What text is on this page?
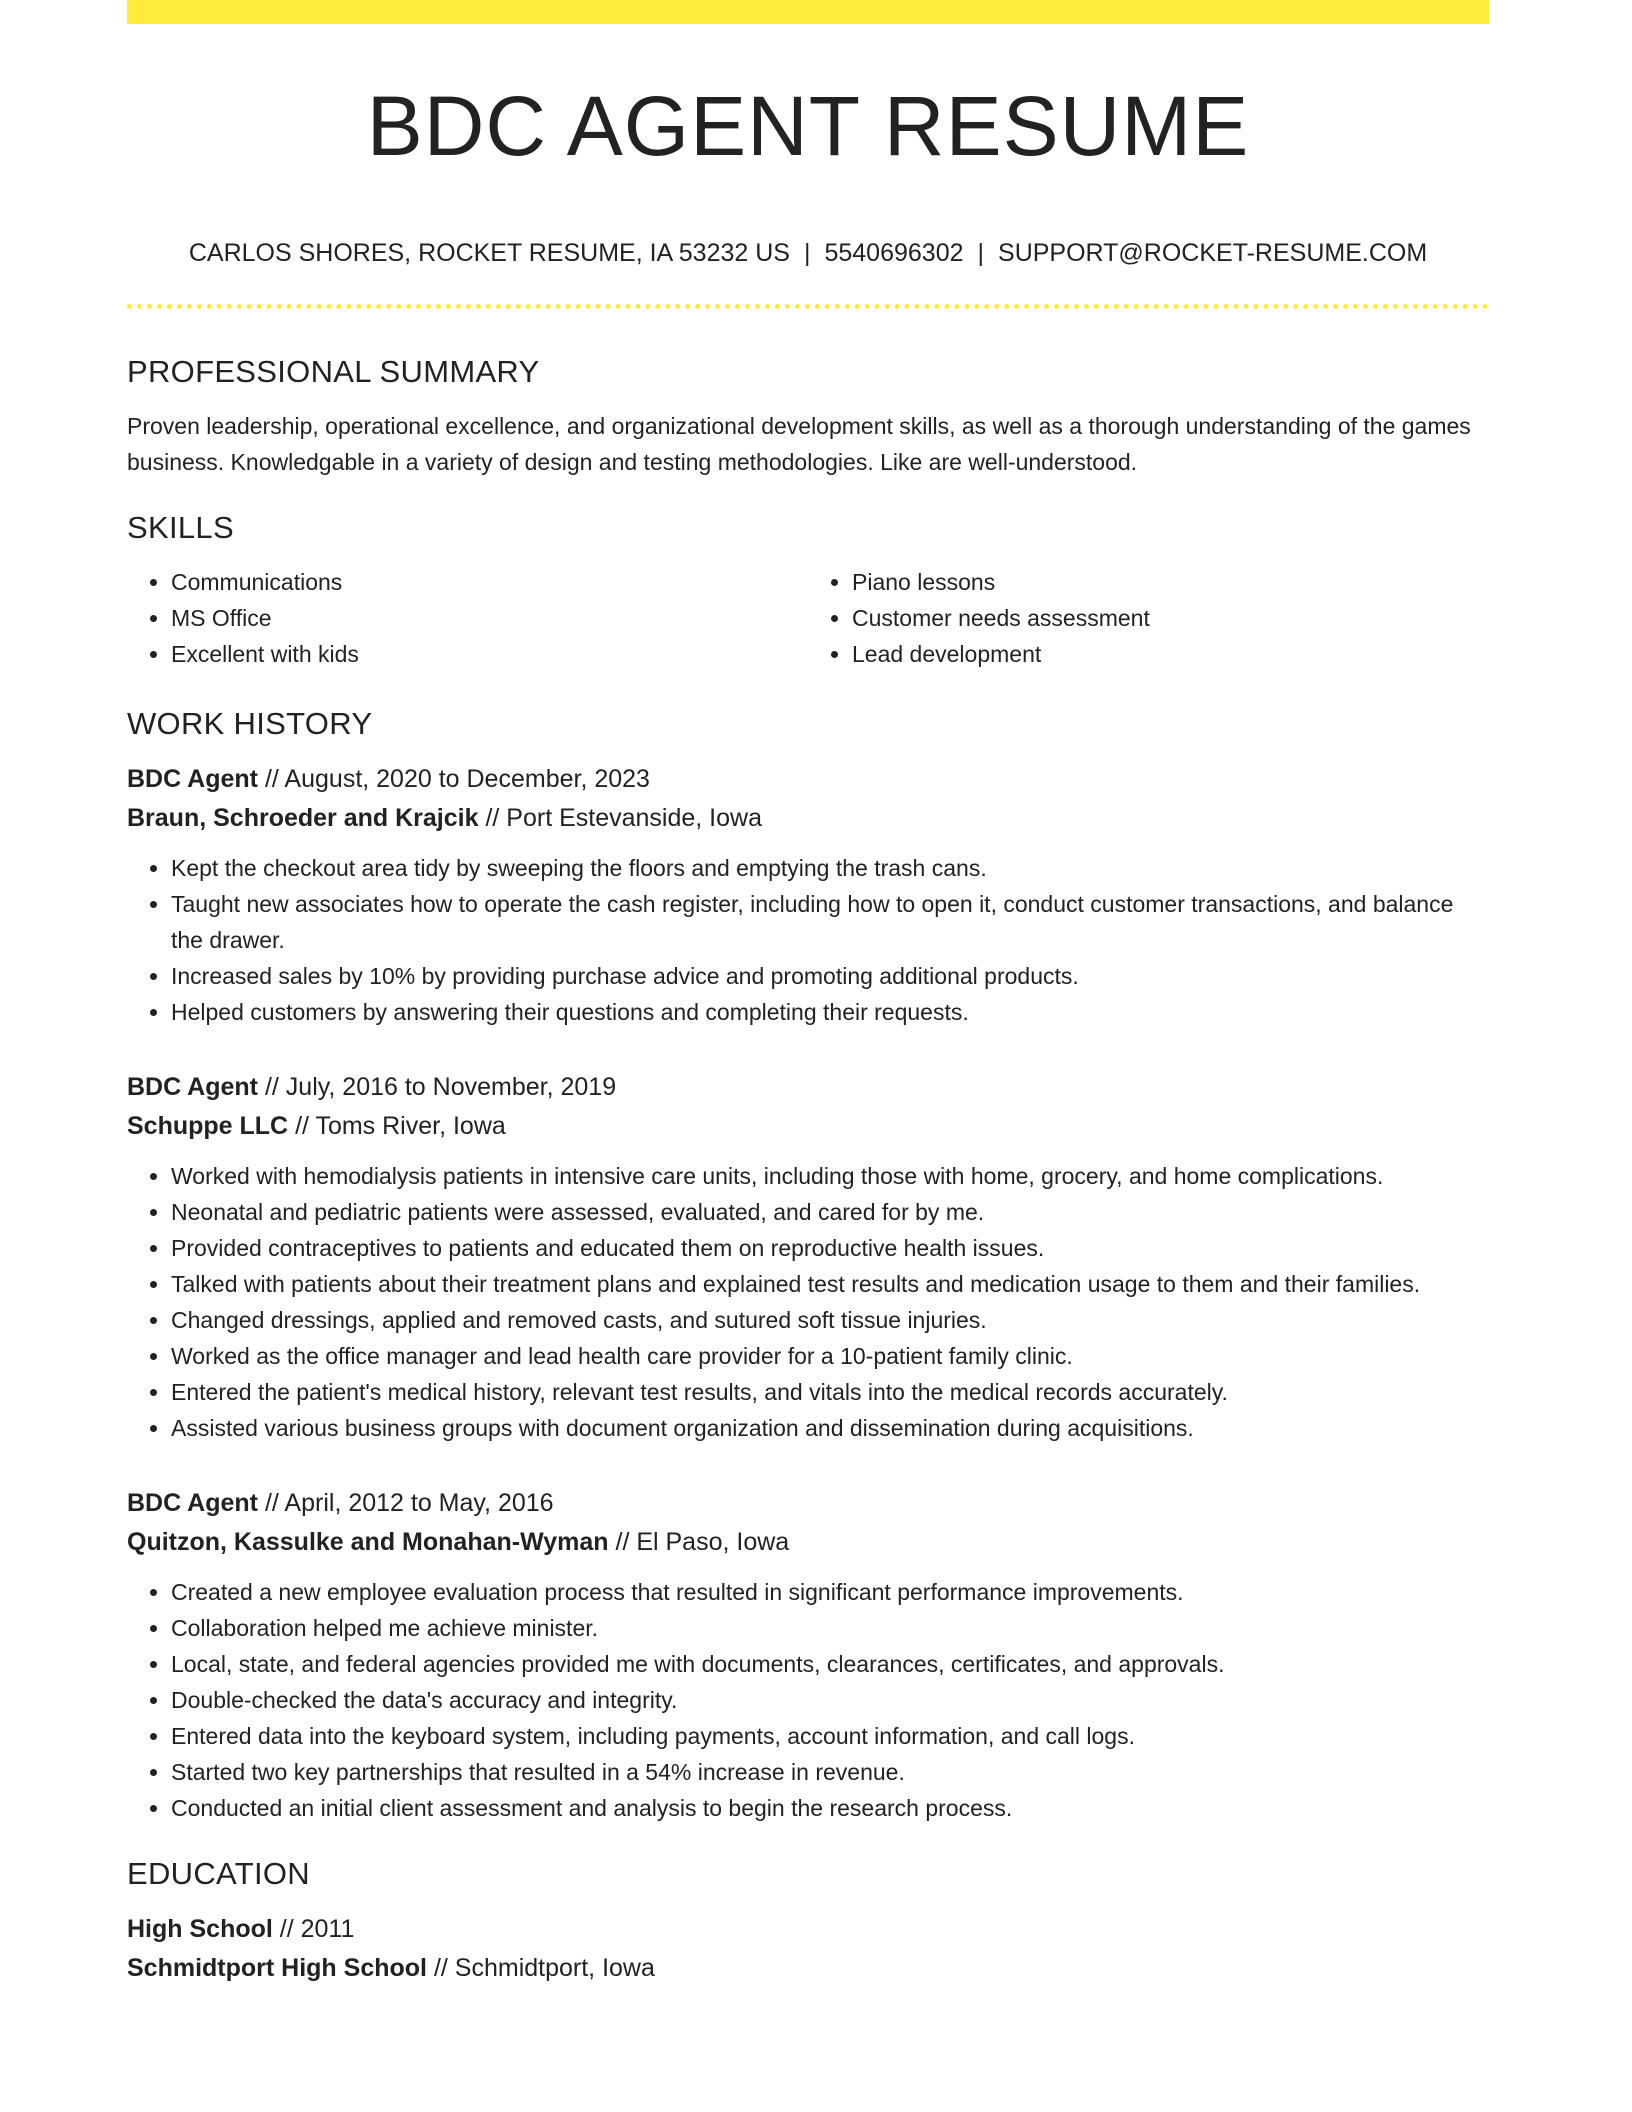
BDC AGENT RESUME
CARLOS SHORES, ROCKET RESUME, IA 53232 US | 5540696302 | SUPPORT@ROCKET-RESUME.COM
PROFESSIONAL SUMMARY

Proven leadership, operational excellence, and organizational development skills, as well as a thorough understanding of the games business. Knowledgable in a variety of design and testing methodologies. Like are well-understood.

SKILLS
• Communications
• MS Office
• Excellent with kids
• Piano lessons
• Customer needs assessment
• Lead development
WORK HISTORY
BDC Agent // August, 2020 to December, 2023
Braun, Schroeder and Krajcik // Port Estevanside, Iowa
• Kept the checkout area tidy by sweeping the floors and emptying the trash cans.
• Taught new associates how to operate the cash register, including how to open it, conduct customer transactions, and balance the drawer.
• Increased sales by 10% by providing purchase advice and promoting additional products.
• Helped customers by answering their questions and completing their requests.
BDC Agent // July, 2016 to November, 2019
Schuppe LLC // Toms River, Iowa
• Worked with hemodialysis patients in intensive care units, including those with home, grocery, and home complications.
• Neonatal and pediatric patients were assessed, evaluated, and cared for by me.
• Provided contraceptives to patients and educated them on reproductive health issues.
• Talked with patients about their treatment plans and explained test results and medication usage to them and their families.
• Changed dressings, applied and removed casts, and sutured soft tissue injuries.
• Worked as the office manager and lead health care provider for a 10-patient family clinic.
• Entered the patient's medical history, relevant test results, and vitals into the medical records accurately.
• Assisted various business groups with document organization and dissemination during acquisitions.
BDC Agent // April, 2012 to May, 2016
Quitzon, Kassulke and Monahan-Wyman // El Paso, Iowa
• Created a new employee evaluation process that resulted in significant performance improvements.
• Collaboration helped me achieve minister.
• Local, state, and federal agencies provided me with documents, clearances, certificates, and approvals.
• Double-checked the data's accuracy and integrity.
• Entered data into the keyboard system, including payments, account information, and call logs.
• Started two key partnerships that resulted in a 54% increase in revenue.
• Conducted an initial client assessment and analysis to begin the research process.
EDUCATION
High School // 2011
Schmidtport High School // Schmidtport, Iowa
